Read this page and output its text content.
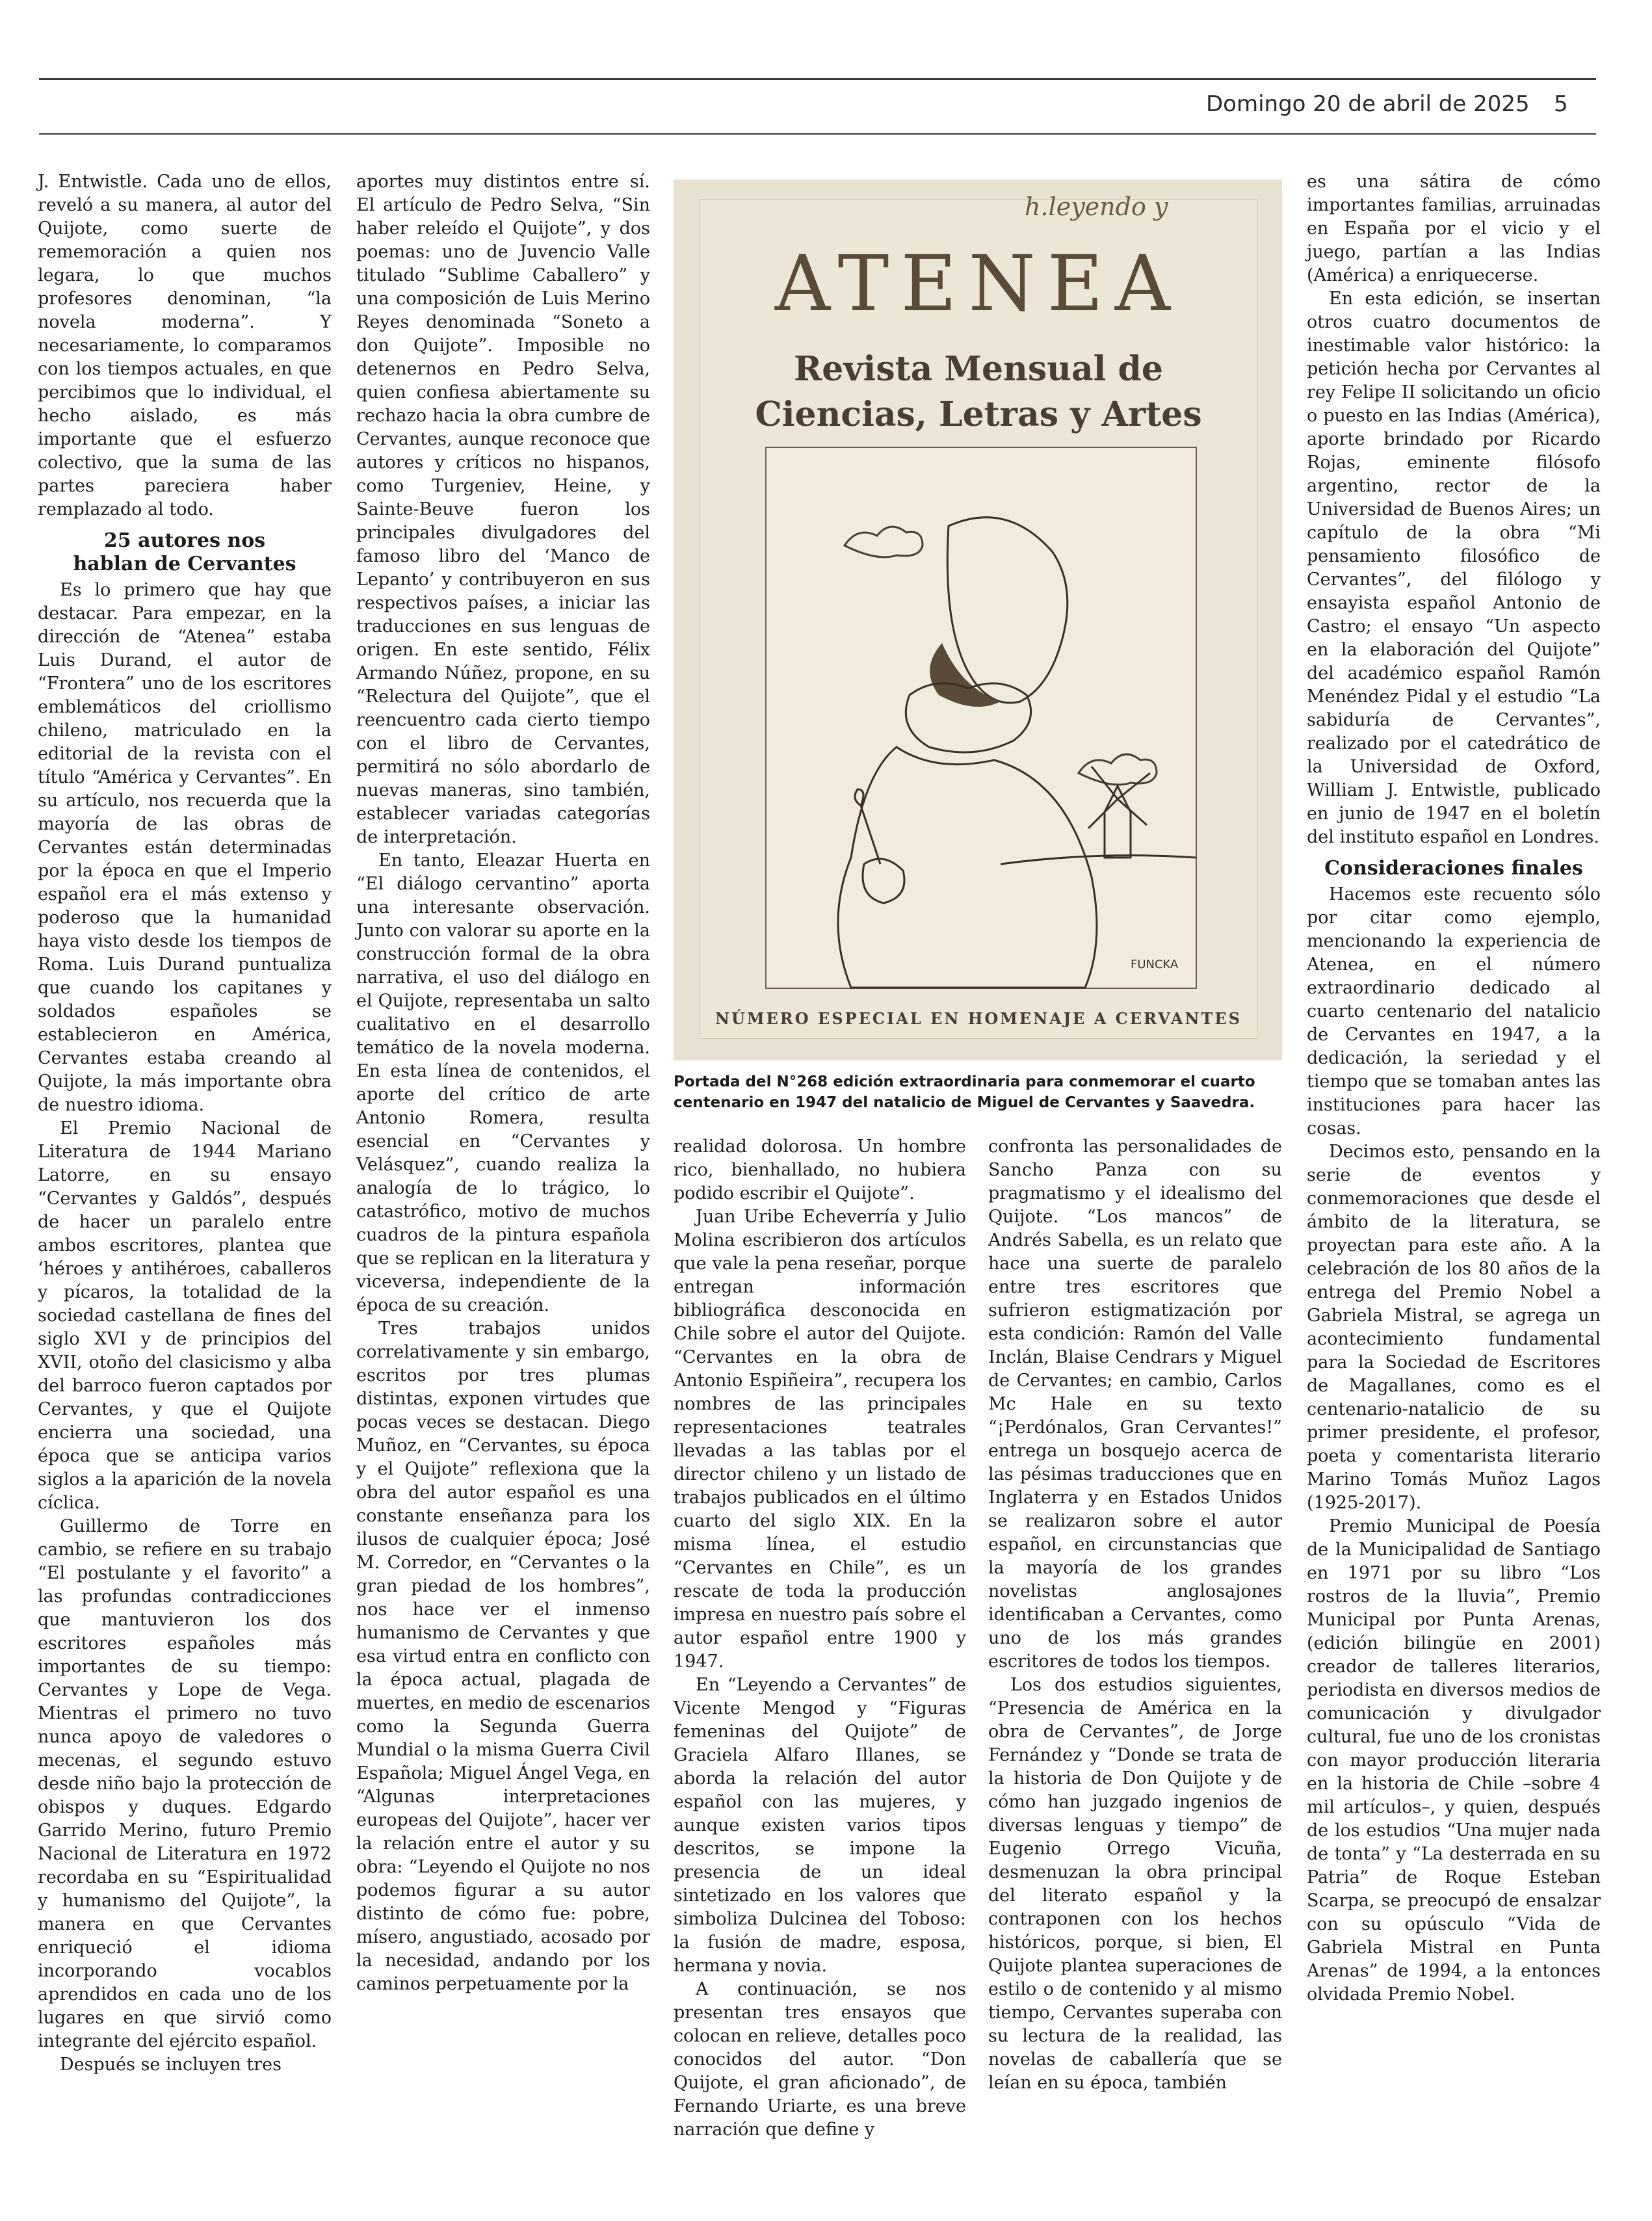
Domingo 20 de abril de 2025 5

J. Entwistle. Cada uno de ellos, reveló a su manera, al autor del Quijote, como suerte de rememoración a quien nos legara, lo que muchos profesores denominan, “la novela moderna”. Y necesariamente, lo comparamos con los tiempos actuales, en que percibimos que lo individual, el hecho aislado, es más importante que el esfuerzo colectivo, que la suma de las partes pareciera haber remplazado al todo.

25 autores nos
hablan de Cervantes

Es lo primero que hay que destacar. Para empezar, en la dirección de “Atenea” estaba Luis Durand, el autor de “Frontera” uno de los escritores emblemáticos del criollismo chileno, matriculado en la editorial de la revista con el título “América y Cervantes”. En su artículo, nos recuerda que la mayoría de las obras de Cervantes están determinadas por la época en que el Imperio español era el más extenso y poderoso que la humanidad haya visto desde los tiempos de Roma. Luis Durand puntualiza que cuando los capitanes y soldados españoles se establecieron en América, Cervantes estaba creando al Quijote, la más importante obra de nuestro idioma.

El Premio Nacional de Literatura de 1944 Mariano Latorre, en su ensayo “Cervantes y Galdós”, después de hacer un paralelo entre ambos escritores, plantea que ‘héroes y antihéroes, caballeros y pícaros, la totalidad de la sociedad castellana de fines del siglo XVI y de principios del XVII, otoño del clasicismo y alba del barroco fueron captados por Cervantes, y que el Quijote encierra una sociedad, una época que se anticipa varios siglos a la aparición de la novela cíclica.

Guillermo de Torre en cambio, se refiere en su trabajo “El postulante y el favorito” a las profundas contradicciones que mantuvieron los dos escritores españoles más importantes de su tiempo: Cervantes y Lope de Vega. Mientras el primero no tuvo nunca apoyo de valedores o mecenas, el segundo estuvo desde niño bajo la protección de obispos y duques. Edgardo Garrido Merino, futuro Premio Nacional de Literatura en 1972 recordaba en su “Espiritualidad y humanismo del Quijote”, la manera en que Cervantes enriqueció el idioma incorporando vocablos aprendidos en cada uno de los lugares en que sirvió como integrante del ejército español.

Después se incluyen tres

aportes muy distintos entre sí. El artículo de Pedro Selva, “Sin haber releído el Quijote”, y dos poemas: uno de Juvencio Valle titulado “Sublime Caballero” y una composición de Luis Merino Reyes denominada “Soneto a don Quijote”. Imposible no detenernos en Pedro Selva, quien confiesa abiertamente su rechazo hacia la obra cumbre de Cervantes, aunque reconoce que autores y críticos no hispanos, como Turgeniev, Heine, y Sainte-Beuve fueron los principales divulgadores del famoso libro del ‘Manco de Lepanto’ y contribuyeron en sus respectivos países, a iniciar las traducciones en sus lenguas de origen. En este sentido, Félix Armando Núñez, propone, en su “Relectura del Quijote”, que el reencuentro cada cierto tiempo con el libro de Cervantes, permitirá no sólo abordarlo de nuevas maneras, sino también, establecer variadas categorías de interpretación.

En tanto, Eleazar Huerta en “El diálogo cervantino” aporta una interesante observación. Junto con valorar su aporte en la construcción formal de la obra narrativa, el uso del diálogo en el Quijote, representaba un salto cualitativo en el desarrollo temático de la novela moderna. En esta línea de contenidos, el aporte del crítico de arte Antonio Romera, resulta esencial en “Cervantes y Velásquez”, cuando realiza la analogía de lo trágico, lo catastrófico, motivo de muchos cuadros de la pintura española que se replican en la literatura y viceversa, independiente de la época de su creación.

Tres trabajos unidos correlativamente y sin embargo, escritos por tres plumas distintas, exponen virtudes que pocas veces se destacan. Diego Muñoz, en “Cervantes, su época y el Quijote” reflexiona que la obra del autor español es una constante enseñanza para los ilusos de cualquier época; José M. Corredor, en “Cervantes o la gran piedad de los hombres”, nos hace ver el inmenso humanismo de Cervantes y que esa virtud entra en conflicto con la época actual, plagada de muertes, en medio de escenarios como la Segunda Guerra Mundial o la misma Guerra Civil Española; Miguel Ángel Vega, en “Algunas interpretaciones europeas del Quijote”, hacer ver la relación entre el autor y su obra: “Leyendo el Quijote no nos podemos figurar a su autor distinto de cómo fue: pobre, mísero, angustiado, acosado por la necesidad, andando por los caminos perpetuamente por la

ATENEA
Revista Mensual de
Ciencias, Letras y Artes
FUNCKA
NÚMERO ESPECIAL EN HOMENAJE A CERVANTES
h.leyendo y
Portada del N°268 edición extraordinaria para conmemorar el cuarto centenario en 1947 del natalicio de Miguel de Cervantes y Saavedra.

realidad dolorosa. Un hombre rico, bienhallado, no hubiera podido escribir el Quijote”.

Juan Uribe Echeverría y Julio Molina escribieron dos artículos que vale la pena reseñar, porque entregan información bibliográfica desconocida en Chile sobre el autor del Quijote. “Cervantes en la obra de Antonio Espiñeira”, recupera los nombres de las principales representaciones teatrales llevadas a las tablas por el director chileno y un listado de trabajos publicados en el último cuarto del siglo XIX. En la misma línea, el estudio “Cervantes en Chile”, es un rescate de toda la producción impresa en nuestro país sobre el autor español entre 1900 y 1947.

En “Leyendo a Cervantes” de Vicente Mengod y “Figuras femeninas del Quijote” de Graciela Alfaro Illanes, se aborda la relación del autor español con las mujeres, y aunque existen varios tipos descritos, se impone la presencia de un ideal sintetizado en los valores que simboliza Dulcinea del Toboso: la fusión de madre, esposa, hermana y novia.

A continuación, se nos presentan tres ensayos que colocan en relieve, detalles poco conocidos del autor. “Don Quijote, el gran aficionado”, de Fernando Uriarte, es una breve narración que define y

confronta las personalidades de Sancho Panza con su pragmatismo y el idealismo del Quijote. “Los mancos” de Andrés Sabella, es un relato que hace una suerte de paralelo entre tres escritores que sufrieron estigmatización por esta condición: Ramón del Valle Inclán, Blaise Cendrars y Miguel de Cervantes; en cambio, Carlos Mc Hale en su texto “¡Perdónalos, Gran Cervantes!” entrega un bosquejo acerca de las pésimas traducciones que en Inglaterra y en Estados Unidos se realizaron sobre el autor español, en circunstancias que la mayoría de los grandes novelistas anglosajones identificaban a Cervantes, como uno de los más grandes escritores de todos los tiempos.

Los dos estudios siguientes, “Presencia de América en la obra de Cervantes”, de Jorge Fernández y “Donde se trata de la historia de Don Quijote y de cómo han juzgado ingenios de diversas lenguas y tiempo” de Eugenio Orrego Vicuña, desmenuzan la obra principal del literato español y la contraponen con los hechos históricos, porque, si bien, El Quijote plantea superaciones de estilo o de contenido y al mismo tiempo, Cervantes superaba con su lectura de la realidad, las novelas de caballería que se leían en su época, también

es una sátira de cómo importantes familias, arruinadas en España por el vicio y el juego, partían a las Indias (América) a enriquecerse.

En esta edición, se insertan otros cuatro documentos de inestimable valor histórico: la petición hecha por Cervantes al rey Felipe II solicitando un oficio o puesto en las Indias (América), aporte brindado por Ricardo Rojas, eminente filósofo argentino, rector de la Universidad de Buenos Aires; un capítulo de la obra “Mi pensamiento filosófico de Cervantes”, del filólogo y ensayista español Antonio de Castro; el ensayo “Un aspecto en la elaboración del Quijote” del académico español Ramón Menéndez Pidal y el estudio “La sabiduría de Cervantes”, realizado por el catedrático de la Universidad de Oxford, William J. Entwistle, publicado en junio de 1947 en el boletín del instituto español en Londres.

Consideraciones finales

Hacemos este recuento sólo por citar como ejemplo, mencionando la experiencia de Atenea, en el número extraordinario dedicado al cuarto centenario del natalicio de Cervantes en 1947, a la dedicación, la seriedad y el tiempo que se tomaban antes las instituciones para hacer las cosas.

Decimos esto, pensando en la serie de eventos y conmemoraciones que desde el ámbito de la literatura, se proyectan para este año. A la celebración de los 80 años de la entrega del Premio Nobel a Gabriela Mistral, se agrega un acontecimiento fundamental para la Sociedad de Escritores de Magallanes, como es el centenario-natalicio de su primer presidente, el profesor, poeta y comentarista literario Marino Tomás Muñoz Lagos (1925-2017).

Premio Municipal de Poesía de la Municipalidad de Santiago en 1971 por su libro “Los rostros de la lluvia”, Premio Municipal por Punta Arenas, (edición bilingüe en 2001) creador de talleres literarios, periodista en diversos medios de comunicación y divulgador cultural, fue uno de los cronistas con mayor producción literaria en la historia de Chile –sobre 4 mil artículos–, y quien, después de los estudios “Una mujer nada de tonta” y “La desterrada en su Patria” de Roque Esteban Scarpa, se preocupó de ensalzar con su opúsculo “Vida de Gabriela Mistral en Punta Arenas” de 1994, a la entonces olvidada Premio Nobel.
